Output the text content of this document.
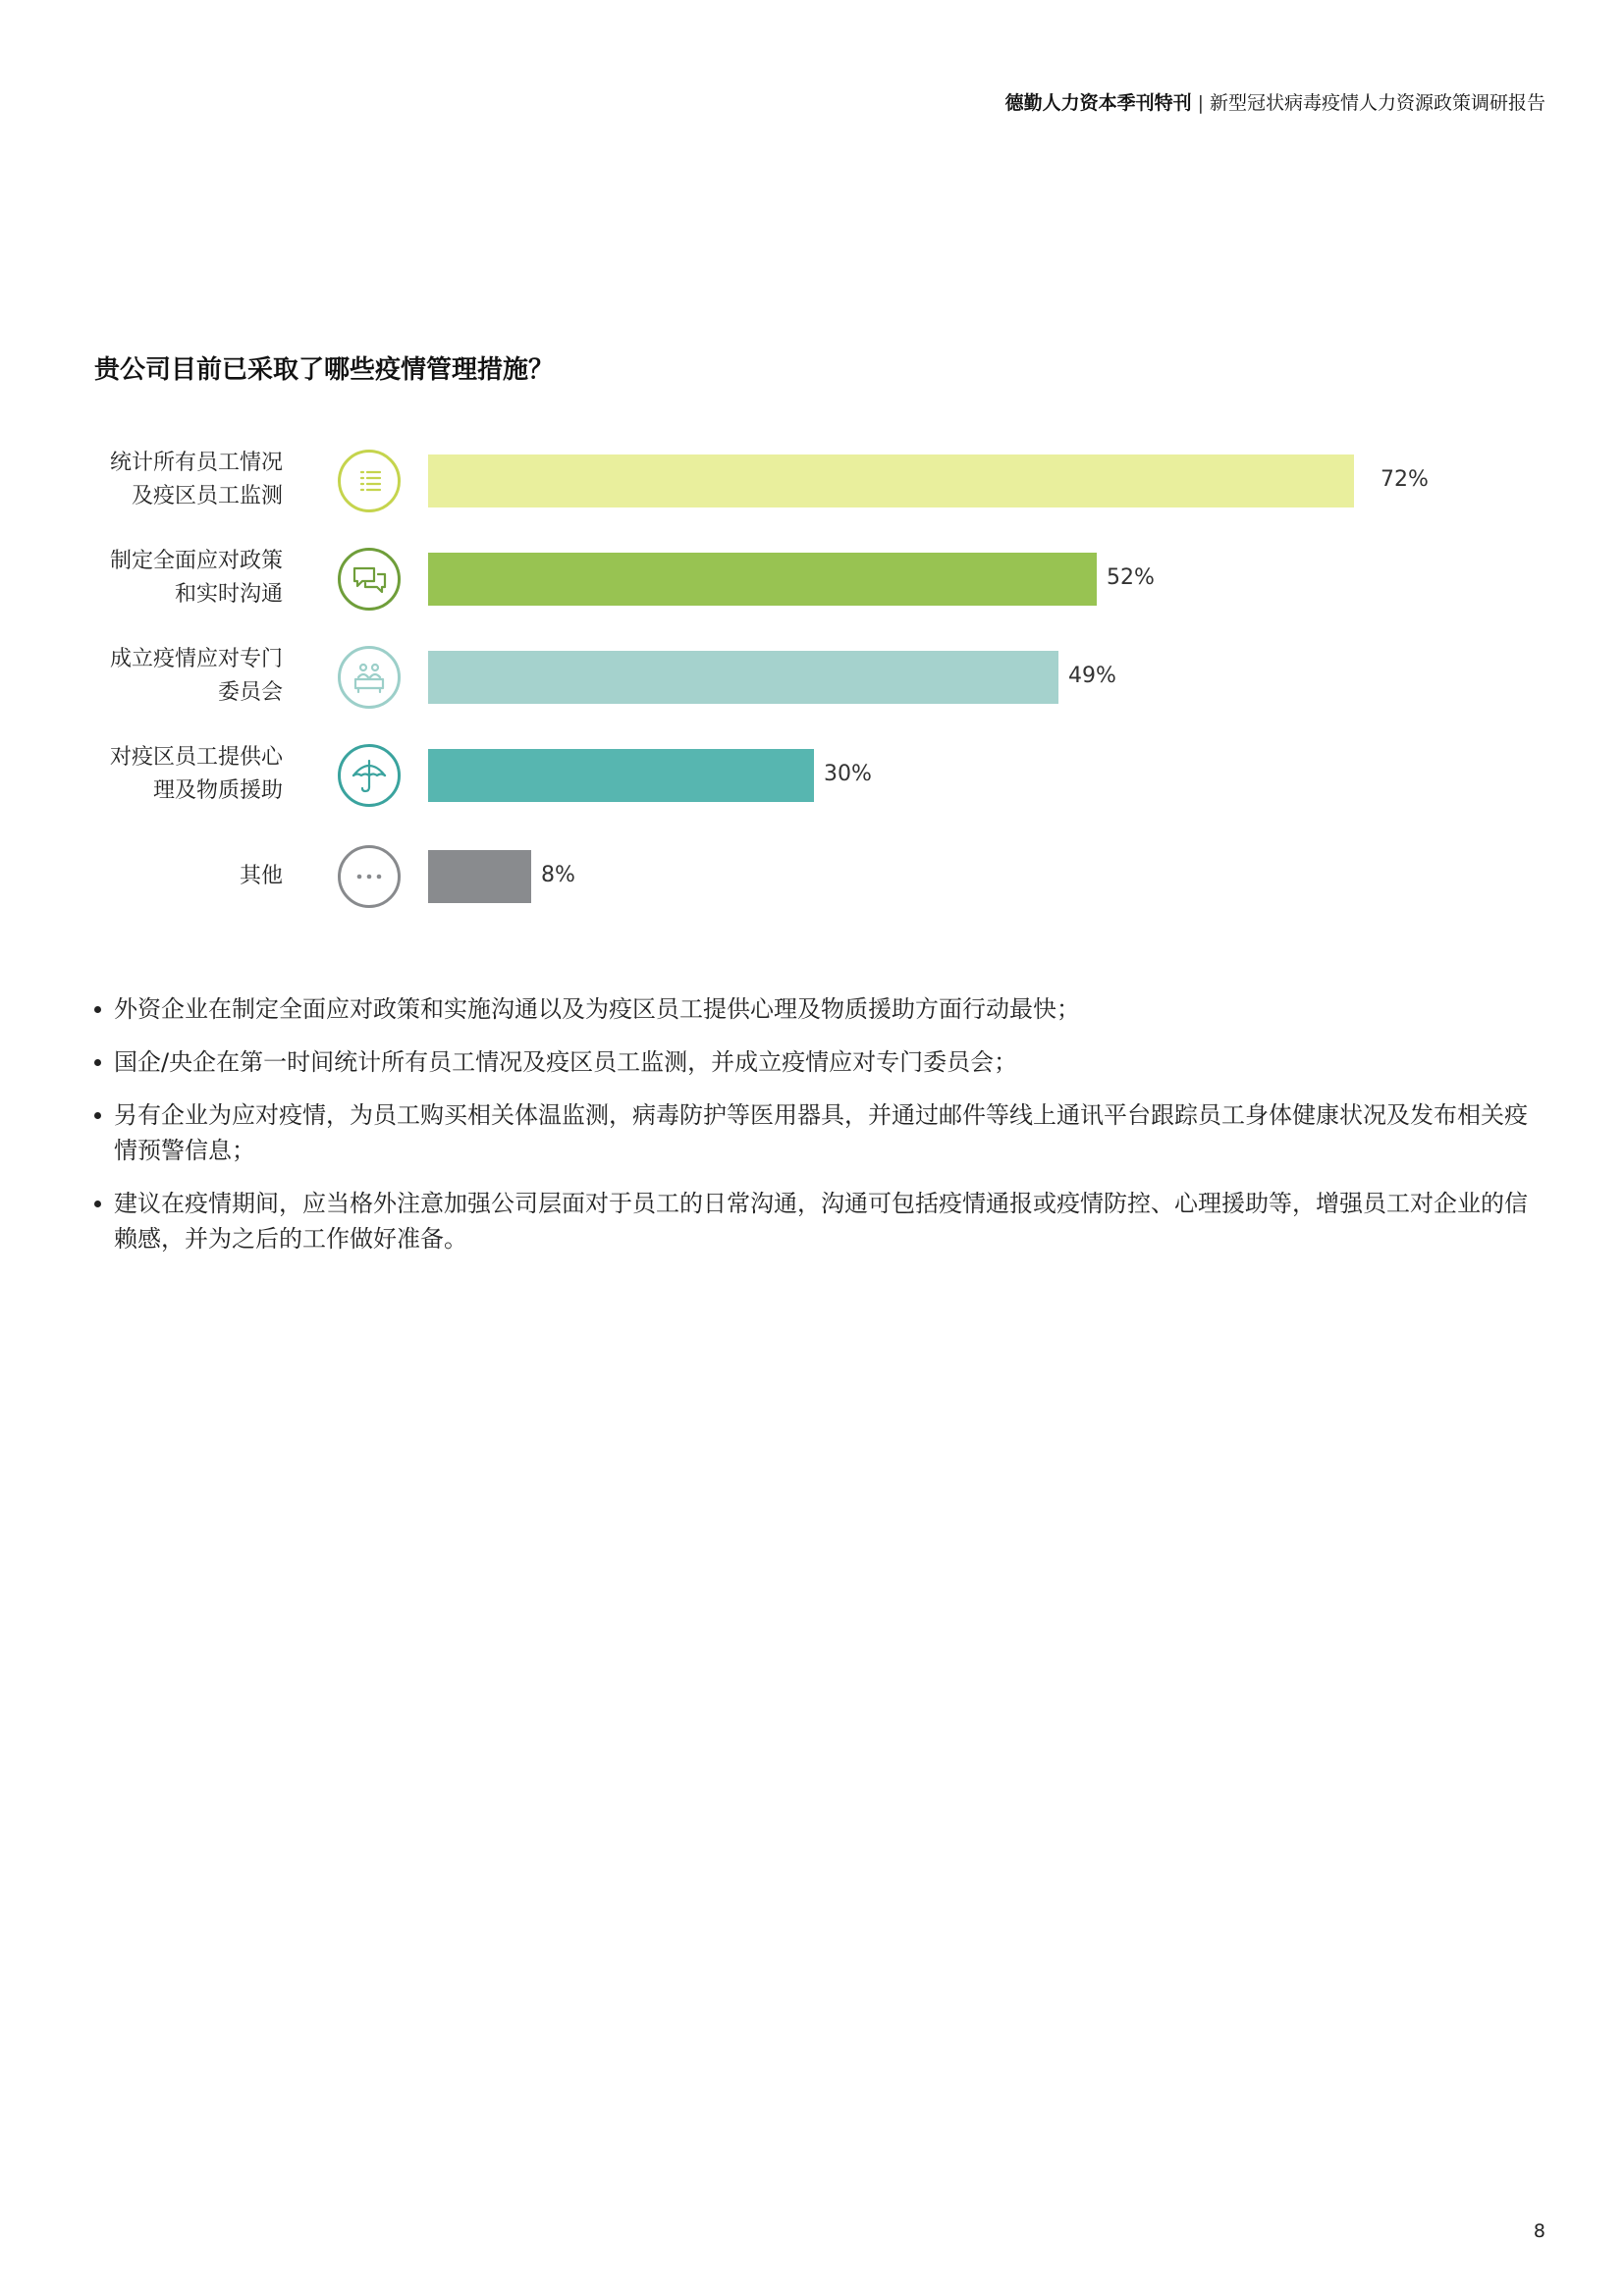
德勤人力资本季刊特刊 | 新型冠状病毒疫情人力资源政策调研报告
贵公司目前已采取了哪些疫情管理措施？
统计所有员工情况
及疫区员工监测
72%
制定全面应对政策
和实时沟通
52%
成立疫情应对专门
委员会
49%
对疫区员工提供心
理及物质援助
30%
其他	8%
外资企业在制定全面应对政策和实施沟通以及为疫区员工提供心理及物质援助方面行动最快；
国企/央企在第一时间统计所有员工情况及疫区员工监测，并成立疫情应对专门委员会；
另有企业为应对疫情，为员工购买相关体温监测，病毒防护等医用器具，并通过邮件等线上通讯平台跟踪员工身体健康状况及发布相关疫情预警信息；
建议在疫情期间，应当格外注意加强公司层面对于员工的日常沟通，沟通可包括疫情通报或疫情防控、心理援助等，增强员工对企业的信赖感，并为之后的工作做好准备。
8
